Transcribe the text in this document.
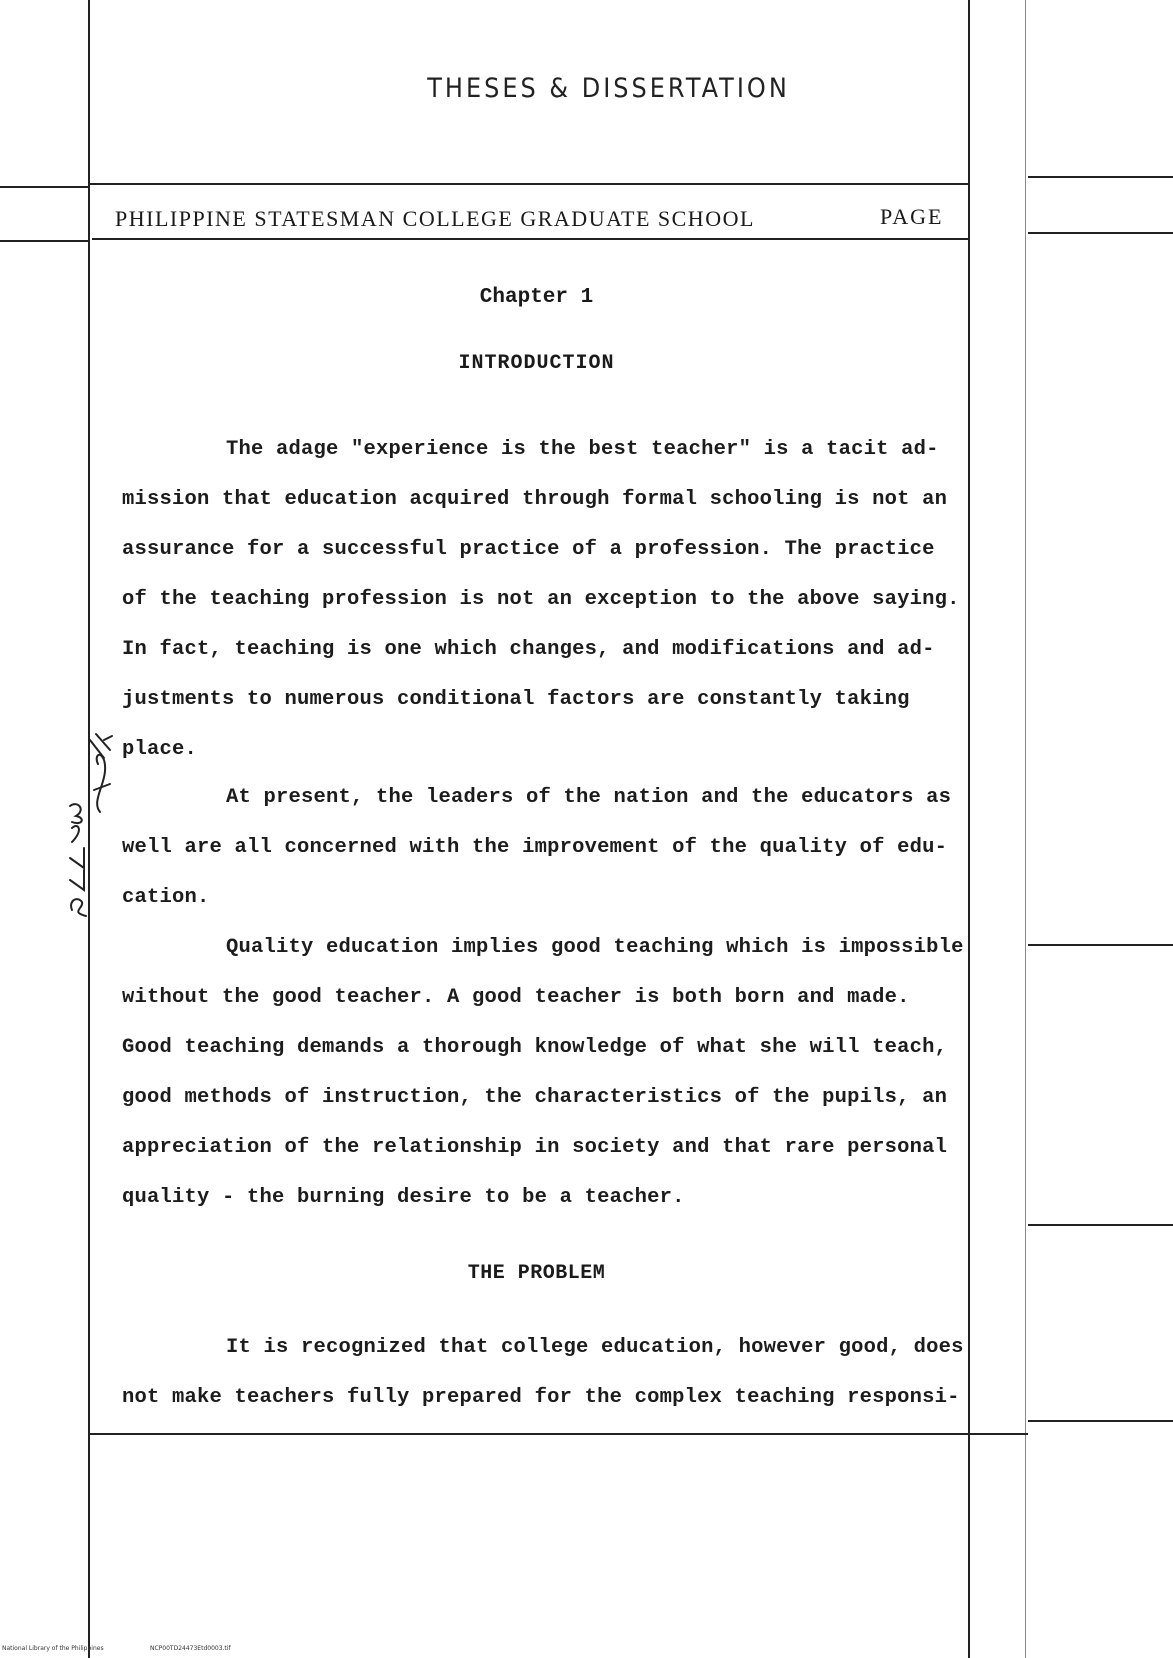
THESES & DISSERTATION
PHILIPPINE STATESMAN COLLEGE GRADUATE SCHOOL	PAGE
Chapter 1
INTRODUCTION
The adage "experience is the best teacher" is a tacit ad-
mission that education acquired through formal schooling is not an
assurance for a successful practice of a profession. The practice
of the teaching profession is not an exception to the above saying.
In fact, teaching is one which changes, and modifications and ad-
justments to numerous conditional factors are constantly taking
place.
At present, the leaders of the nation and the educators as
well are all concerned with the improvement of the quality of edu-
cation.
Quality education implies good teaching which is impossible
without the good teacher. A good teacher is both born and made.
Good teaching demands a thorough knowledge of what she will teach,
good methods of instruction, the characteristics of the pupils, an
appreciation of the relationship in society and that rare personal
quality - the burning desire to be a teacher.
THE PROBLEM
It is recognized that college education, however good, does
not make teachers fully prepared for the complex teaching responsi-
National Library of the Philippines	NCP00TD24473Etd0003.tif
